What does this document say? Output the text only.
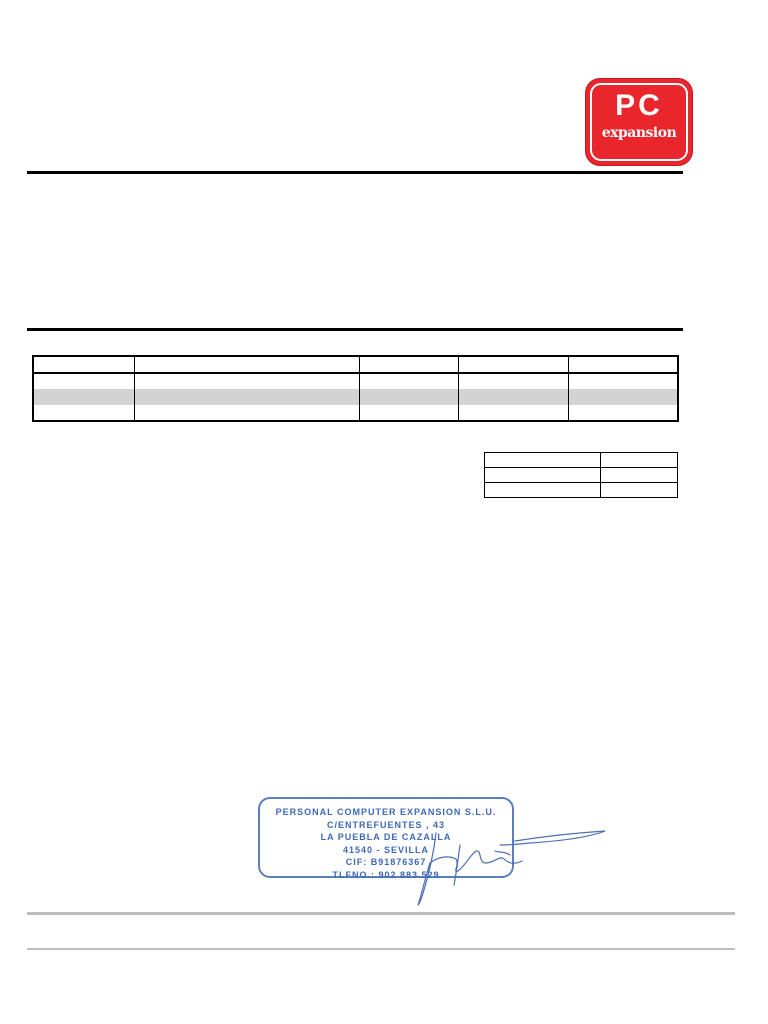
PC
expansion

PERSONAL COMPUTER EXPANSION S.L.U.
C/ENTREFUENTES , 43
LA PUEBLA DE CAZALLA
41540 - SEVILLA
CIF: B91876367
TLFNO.: 902 883 529
